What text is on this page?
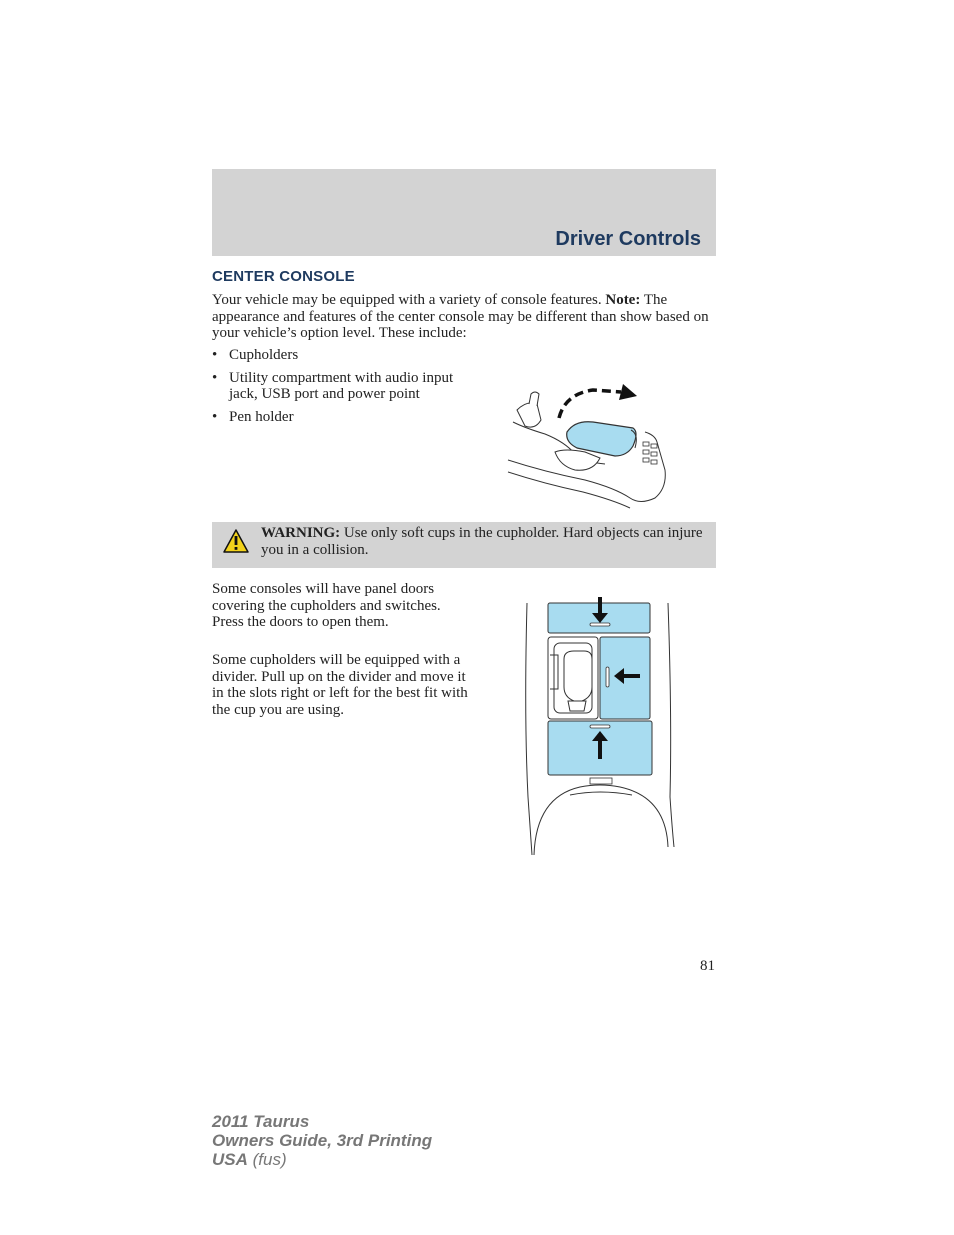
Driver Controls
CENTER CONSOLE
Your vehicle may be equipped with a variety of console features. Note: The appearance and features of the center console may be different than show based on your vehicle’s option level. These include:
• Cupholders
• Utility compartment with audio input jack, USB port and power point
• Pen holder
WARNING: Use only soft cups in the cupholder. Hard objects can injure you in a collision.
Some consoles will have panel doors covering the cupholders and switches. Press the doors to open them.
Some cupholders will be equipped with a divider. Pull up on the divider and move it in the slots right or left for the best fit with the cup you are using.
81
2011 Taurus
Owners Guide, 3rd Printing
USA (fus)
